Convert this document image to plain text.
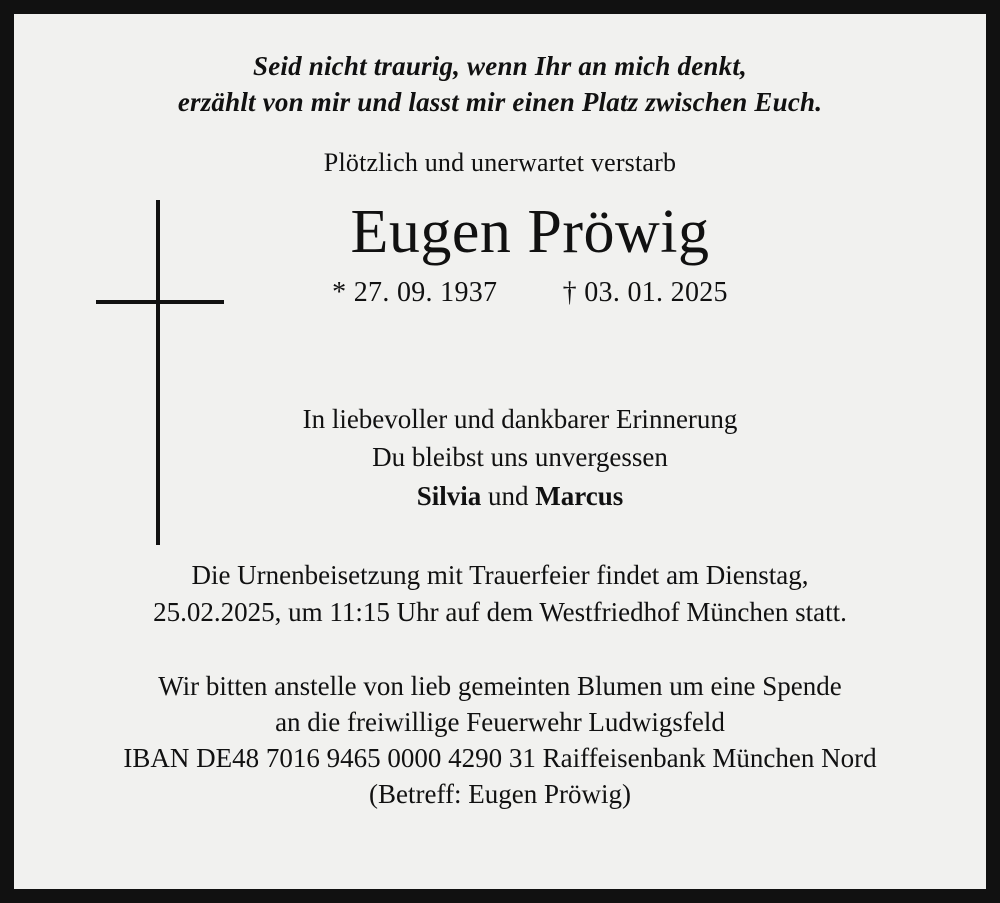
Seid nicht traurig, wenn Ihr an mich denkt,
erzählt von mir und lasst mir einen Platz zwischen Euch.
Plötzlich und unerwartet verstarb
Eugen Pröwig
* 27. 09. 1937 † 03. 01. 2025
In liebevoller und dankbarer Erinnerung
Du bleibst uns unvergessen
Silvia und Marcus
Die Urnenbeisetzung mit Trauerfeier findet am Dienstag,
25.02.2025, um 11:15 Uhr auf dem Westfriedhof München statt.
Wir bitten anstelle von lieb gemeinten Blumen um eine Spende
an die freiwillige Feuerwehr Ludwigsfeld
IBAN DE48 7016 9465 0000 4290 31 Raiffeisenbank München Nord
(Betreff: Eugen Pröwig)
